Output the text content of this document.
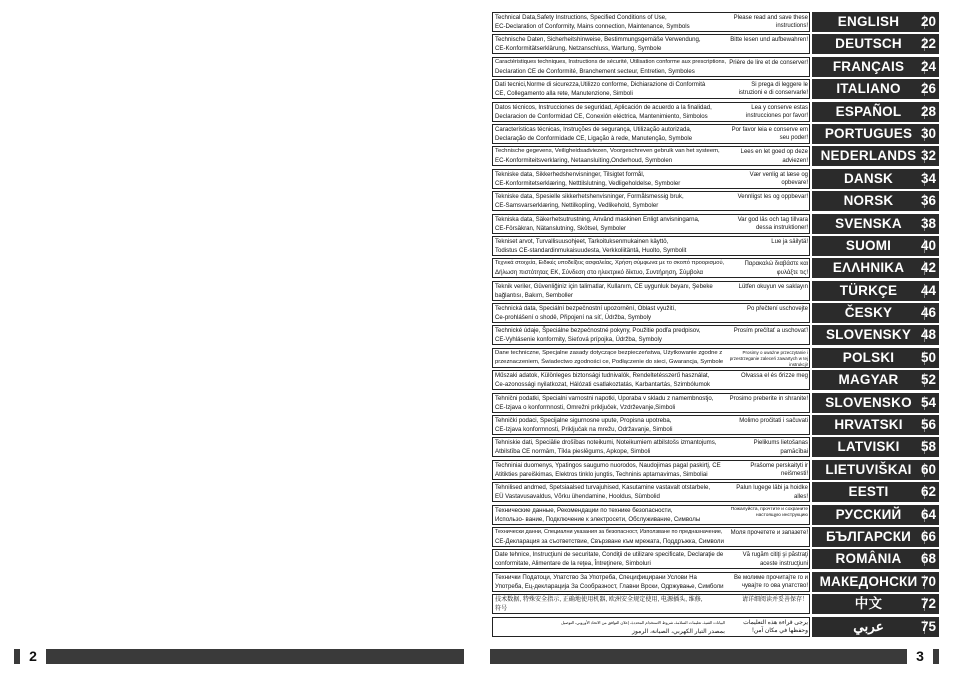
Technical Data,Safety Instructions, Specified Conditions of Use,
EC-Declaration of Conformity, Mains connection, Maintenance, Symbols
Please read and save these instructions!	ENGLISH	20
Technische Daten, Sicherheitshinweise, Bestimmungsgemäße Verwendung,
CE-Konformitätserklärung, Netzanschluss, Wartung, Symbole
Bitte lesen und aufbewahren!	DEUTSCH	22
Caractéristiques techniques, Instructions de sécurité, Utilisation conforme aux prescriptions,
Declaration CE de Conformité, Branchement secteur, Entretien, Symboles
Prière de lire et de conserver!	FRANÇAIS	24
Dati tecnici,Norme di sicurezza,Utilizzo conforme, Dichiarazione di Conformità
CE, Collegamento alla rete, Manutenzione, Simboli
Si prega di leggere le istruzioni e di conservarle!	ITALIANO	26
Datos técnicos, Instrucciones de seguridad, Aplicación de acuerdo a la finalidad,
Declaracion de Conformidad CE, Conexión eléctrica, Mantenimiento, Simbolos
Lea y conserve estas instrucciones por favor!	ESPAÑOL	28
Características técnicas, Instruções de segurança, Utilização autorizada,
Declaração de Conformidade CE, Ligação à rede, Manutenção, Symbole
Por favor leia e conserve em seu poder!	PORTUGUES 30
Technische gegevens, Veiligheidsadviezen, Voorgeschreven gebruik van het systeem,
EC-Konformiteitsverklaring, Netaansluiting,Onderhoud, Symbolen
Lees en let goed op deze adviezen! NEDERLANDS 32
Tekniske data, Sikkerhedshenvisninger, Tilsigtet formål,
CE-Konformitetserklæring, Netttilslutning, Vedligeholdelse, Symboler
Vær venlig at læse og opbevare!	DANSK	34
Tekniske data, Spesielle sikkerhetshenvisninger, Formålsmessig bruk,
CE-Samsvarserklæring, Nettilkopling, Vedlikehold, Symboler
Vennligst les og oppbevar!	NORSK	36
Tekniska data, Säkerhetsutrustning, Använd maskinen Enligt anvisningarna,
CE-Försäkran, Nätanslutning, Skötsel, Symboler
Var god läs och tag tillvara dessa instruktioner!	SVENSKA	38
Tekniset arvot, Turvallisuusohjeet, Tarkoituksenmukainen käyttö,
Todistus CE-standardinmukaisuudesta, Verkkoliitäntä, Huolto, Symbolit
Lue ja säilytä!	SUOMI	40
Τεχνικά στοιχεία, Ειδικές υποδείξεις ασφαλείας, Χρήση σύμφωνα με το σκοπό προορισμού,
Δήλωση πιστότητας ΕΚ, Σύνδεση στο ηλεκτρικό δίκτυο, Συντήρηση, Σύμβολα
Παρακαλώ διαβάστε και φυλάξτε τις!	ΕΛΛΗΝΙΚΑ	42
Teknik veriler, Güvenliğiniz için talimatlar, Kullanım, CE uygunluk beyanı, Şebeke
bağlantısı, Bakım, Semboller
Lütfen okuyun ve saklayın	TÜRKÇE	44
Technická data, Speciální bezpečnostní upozornění, Oblast využití,
Ce-prohlášení o shodě, Připojení na síť, Údržba, Symboly
Po přečtení uschovejte	ČESKY	46
Technické údaje, Špeciálne bezpečnostné pokyny, Použitie podľa predpisov,
CE-Vyhlásenie konformity, Sieťová prípojka, Údržba, Symboly
Prosím prečítať a uschovať!	SLOVENSKY 48
Dane techniczne, Specjalne zasady dotyczące bezpieczeństwa, Użytkowanie zgodne z
przeznaczeniem, Świadectwo zgodności ce, Podłączenie do sieci, Gwarancja, Symbole
Prosimy o uważne przeczytanie i przestrzeganie zaleceń zawartych w tej instrukcji!	POLSKI	50
Műszaki adatok, Különleges biztonsági tudnivalók, Rendeltetésszerű használat,
Ce-azonossági nyilatkozat, Hálózati csatlakoztatás, Karbantartás, Szimbólumok
Olvassa el és őrizze meg	MAGYAR	52
Tehnični podatki, Specialni varnostni napotki, Uporaba v skladu z namembnostjo,
CE-Izjava o konformnosti, Omrežni priključek, Vzdrževanje,Simboli
Prosimo preberite in shranite!	SLOVENSKO 54
Tehnički podaci, Specijalne sigurnosne upute, Propisna upotreba,
CE-Izjava konformnosti, Priključak na mrežu, Održavanje, Simboli
Molimo pročitati i sačuvati	HRVATSKI	56
Tehniskie dati, Speciālie drošības noteikumi, Noteikumiem atbilstošs izmantojums,
Atbilstība CE normām, Tīkla pieslēgums, Apkope, Simboli
Pielikums lietošanas pamācībai	LATVISKI	58
Techniniai duomenys, Ypatingos saugumo nuorodos, Naudojimas pagal paskirtį, CE
Atitikties pareiškimas, Elektros tinklo jungtis, Techninis aptarnavimas, Simboliai
Prašome perskaityti ir neišmesti!	LIETUVIŠKAI 60
Tehnilised andmed, Spetsiaalsed turvajuhised, Kasutamine vastavalt otstarbele,
EÜ Vastavusavaldus, Võrku ühendamine, Hooldus, Sümbolid
Palun lugege läbi ja hoidke alles!	EESTI	62
Технические данные, Рекомендации по технике безопасности,
Использо- вание, Подключение к электросети, Обслуживание, Символы
Пожалуйста, прочтите и сохраните настоящую инструкцию	РУССКИЙ	64
Технически данни, Специални указания за безопасност, Използване по предназначение,
CE-Декларация за съответствие, Свързване към мрежата, Поддръжка, Символи
Моля прочетете и запазете!	БЪЛГАРСКИ 66
Date tehnice, Instrucţiuni de securitate, Condiţii de utilizare specificate, Declaraţie de
conformitate, Alimentare de la reţea, Întreţinere, Simboluri
Vă rugăm citiţi şi păstraţi aceste instrucţiuni	ROMÂNIA	68
Технички Податоци, Упатство За Употреба, Специфицирани Услови На
Употреба, Ец-декларација За Сообразност, Главни Врски, Одржување, Симболи
Ве молиме прочитајте го и чувајте го ова упатство! МАКЕДОНСКИ 70
技术数据, 特殊安全指示, 正确地使用机器, 欧洲安全规定使用, 电源插头, 维修,
符号
请详细阅读并妥善保存！	中文	72
البيانات الفنية، تعليمات السلامة، شروط الاستخدام المحددة، إعلان التوافق من الاتحاد الأوروبي، التوصيل
بمصدر التيار الكهربي، الصيانة، الرموز
يرجى قراءة هذه التعليمات وحفظها في مكان آمن!	عربي	75
2	3
